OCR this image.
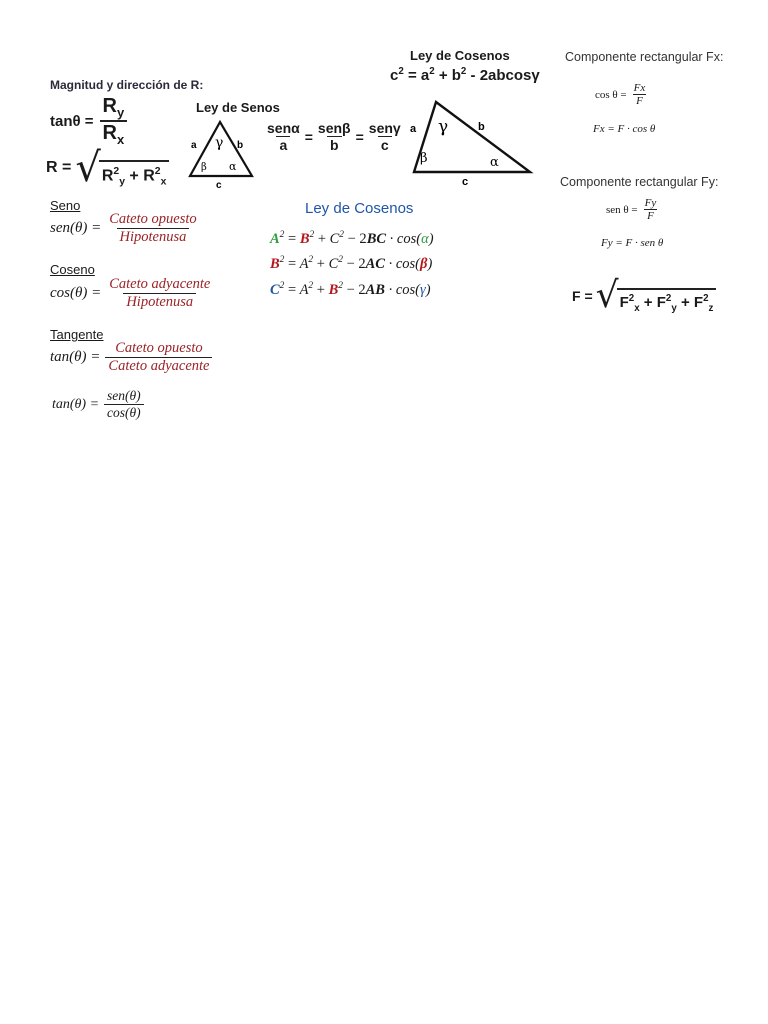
Magnitud y dirección de R:
$\tan\theta = \frac{R_y}{R_x}$
R = √ $R^2_y + R^2_x$
Ley de Senos
a	b
c
γ
β α
$\frac{\text{senα}}{a} = \frac{\text{senβ}}{b} = \frac{\text{senγ}}{c}$
Ley de Cosenos
$c^2 = a^2 + b^2 - 2abcos\gamma$
a	b
c
γ
β	α
Componente rectangular Fx:
$\cos \theta = \frac{Fx}{F}$
Fx = F · cos θ
Componente rectangular Fy:
sen $\theta = \frac{Fy}{F}$
Fy = F · sen θ
F = √ $F^2_x + F^2_y + F^2_z$
Seno
$sen(\theta) = \frac{\text{Cateto opuesto}}{\text{Hipotenusa}}$
Coseno
$\cos(\theta) = \frac{\text{Cateto adyacente}}{\text{Hipotenusa}}$
Tangente
$\tan(\theta) = \frac{\text{Cateto opuesto}}{\text{Cateto adyacente}}$
$\tan(\theta) = \frac{\text{sen(θ)}}{\cos(\theta)}$
Ley de Cosenos
$A^2 = B^2 + C^2 - 2BC \cdot \cos(\alpha)$
$B^2 = A^2 + C^2 - 2AC \cdot \cos(\beta)$
$C^2 = A^2 + B^2 - 2AB \cdot \cos(\gamma)$
